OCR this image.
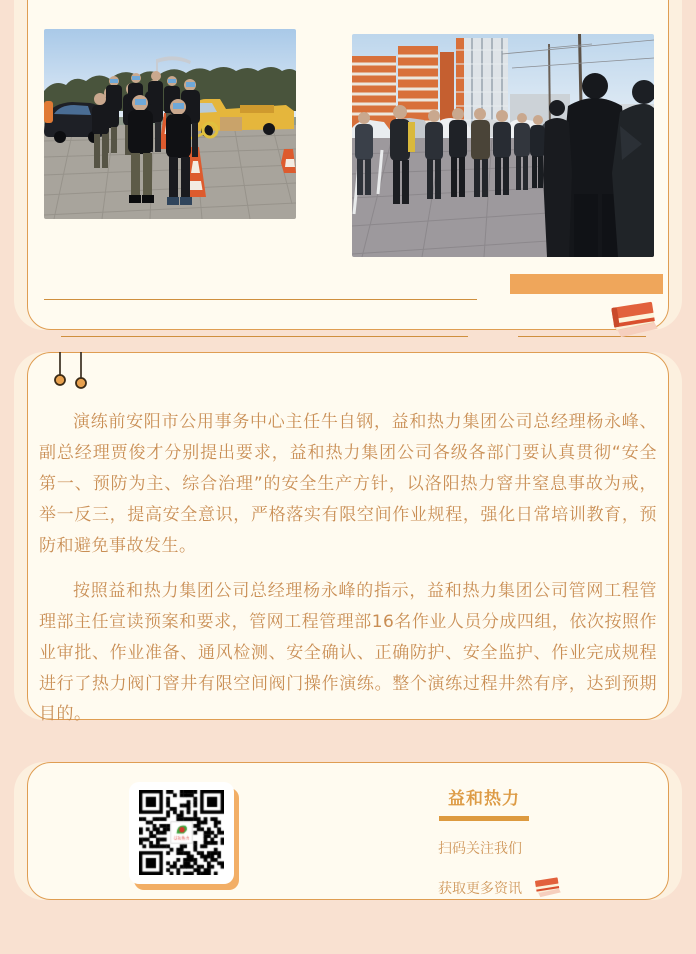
演练前安阳市公用事务中心主任牛自钢，益和热力集团公司总经理杨永峰、副总经理贾俊才分别提出要求，益和热力集团公司各级各部门要认真贯彻“安全第一、预防为主、综合治理”的安全生产方针，以洛阳热力窨井窒息事故为戒，举一反三，提高安全意识，严格落实有限空间作业规程，强化日常培训教育，预防和避免事故发生。

按照益和热力集团公司总经理杨永峰的指示，益和热力集团公司管网工程管理部主任宣读预案和要求，管网工程管理部16名作业人员分成四组，依次按照作业审批、作业准备、通风检测、安全确认、正确防护、安全监护、作业完成规程进行了热力阀门窨井有限空间阀门操作演练。整个演练过程井然有序，达到预期目的。

益和热力
扫码关注我们
获取更多资讯
